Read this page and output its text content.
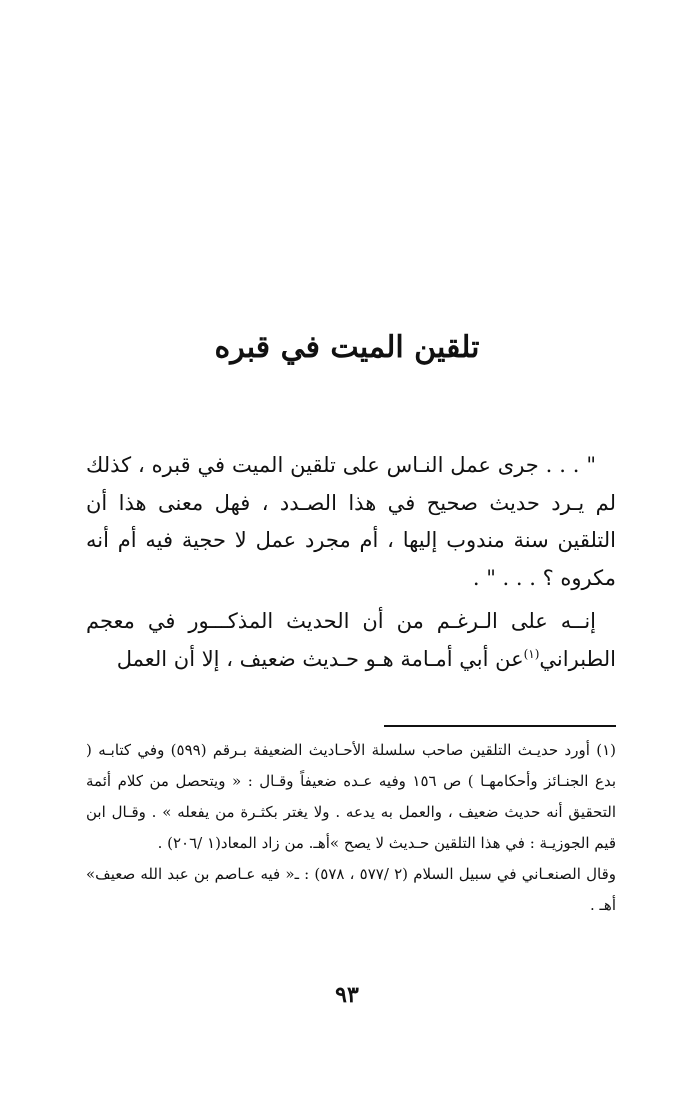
تلقين الميت في قبره

" . . . جرى عمل النـاس على تلقين الميت في قبره ، كذلك لم يـرد حديث صحيح في هذا الصـدد ، فهل معنى هذا أن التلقين سنة مندوب إليها ، أم مجرد عمل لا حجية فيه أم أنه مكروه ؟ . . . " .

إنــه على الـرغـم من أن الحديث المذكـــور في معجم الطبراني$^{(١)}$عن أبي أمـامة هـو حـديث ضعيف ، إلا أن العمل

(١) أورد حديـث التلقين صاحب سلسلة الأحـاديث الضعيفة بـرقم (٥٩٩) وفي كتابـه ( بدع الجنـائز وأحكامهـا ) ص ١٥٦ وفيه عـده ضعيفاً وقـال : « ويتحصل من كلام أئمة التحقيق أنه حديث ضعيف ، والعمل به يدعه . ولا يغتر بكثـرة من يفعله » . وقـال ابن قيم الجوزيـة : في هذا التلقين حـديث لا يصح »أهـ. من زاد المعاد(١ /٢٠٦) .

وقال الصنعـاني في سبيل السلام (٢ /٥٧٧ ، ٥٧٨) : ـ« فيه عـاصم بن عبد الله صعيف» أهـ .

٩٣
